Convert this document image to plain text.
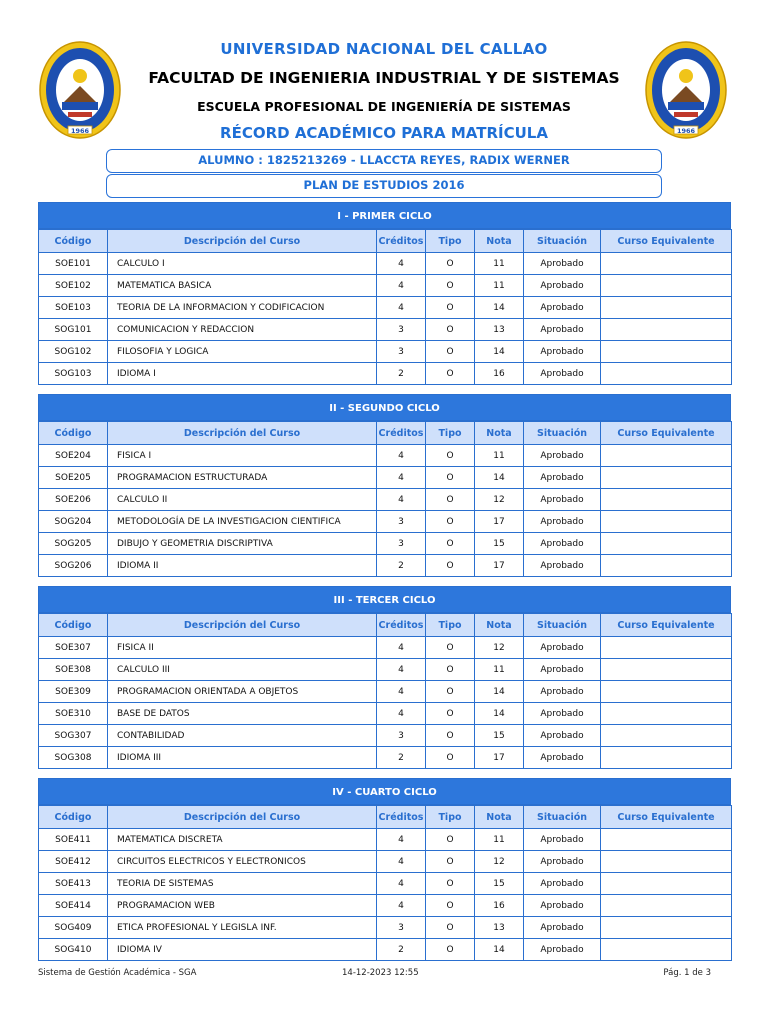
1966	1966
UNIVERSIDAD NACIONAL DEL CALLAO
FACULTAD DE INGENIERIA INDUSTRIAL Y DE SISTEMAS
ESCUELA PROFESIONAL DE INGENIERÍA DE SISTEMAS
RÉCORD ACADÉMICO PARA MATRÍCULA
ALUMNO : 1825213269 - LLACCTA REYES, RADIX WERNER
PLAN DE ESTUDIOS 2016
I - PRIMER CICLO
Código	Descripción del Curso	Créditos	Tipo	Nota	Situación	Curso Equivalente
SOE101	CALCULO I	4	O	11	Aprobado	
SOE102	MATEMATICA BASICA	4	O	11	Aprobado	
SOE103	TEORIA DE LA INFORMACION Y CODIFICACION	4	O	14	Aprobado	
SOG101	COMUNICACION Y REDACCION	3	O	13	Aprobado	
SOG102	FILOSOFIA Y LOGICA	3	O	14	Aprobado	
SOG103	IDIOMA I	2	O	16	Aprobado	
II - SEGUNDO CICLO
Código	Descripción del Curso	Créditos	Tipo	Nota	Situación	Curso Equivalente
SOE204	FISICA I	4	O	11	Aprobado	
SOE205	PROGRAMACION ESTRUCTURADA	4	O	14	Aprobado	
SOE206	CALCULO II	4	O	12	Aprobado	
SOG204	METODOLOGÍA DE LA INVESTIGACION CIENTIFICA	3	O	17	Aprobado	
SOG205	DIBUJO Y GEOMETRIA DISCRIPTIVA	3	O	15	Aprobado	
SOG206	IDIOMA II	2	O	17	Aprobado	
III - TERCER CICLO
Código	Descripción del Curso	Créditos	Tipo	Nota	Situación	Curso Equivalente
SOE307	FISICA II	4	O	12	Aprobado	
SOE308	CALCULO III	4	O	11	Aprobado	
SOE309	PROGRAMACION ORIENTADA A OBJETOS	4	O	14	Aprobado	
SOE310	BASE DE DATOS	4	O	14	Aprobado	
SOG307	CONTABILIDAD	3	O	15	Aprobado	
SOG308	IDIOMA III	2	O	17	Aprobado	
IV - CUARTO CICLO
Código	Descripción del Curso	Créditos	Tipo	Nota	Situación	Curso Equivalente
SOE411	MATEMATICA DISCRETA	4	O	11	Aprobado	
SOE412	CIRCUITOS ELECTRICOS Y ELECTRONICOS	4	O	12	Aprobado	
SOE413	TEORIA DE SISTEMAS	4	O	15	Aprobado	
SOE414	PROGRAMACION WEB	4	O	16	Aprobado	
SOG409	ETICA PROFESIONAL Y LEGISLA INF.	3	O	13	Aprobado	
SOG410	IDIOMA IV	2	O	14	Aprobado	
Sistema de Gestión Académica - SGA	14-12-2023 12:55	Pág. 1 de 3
